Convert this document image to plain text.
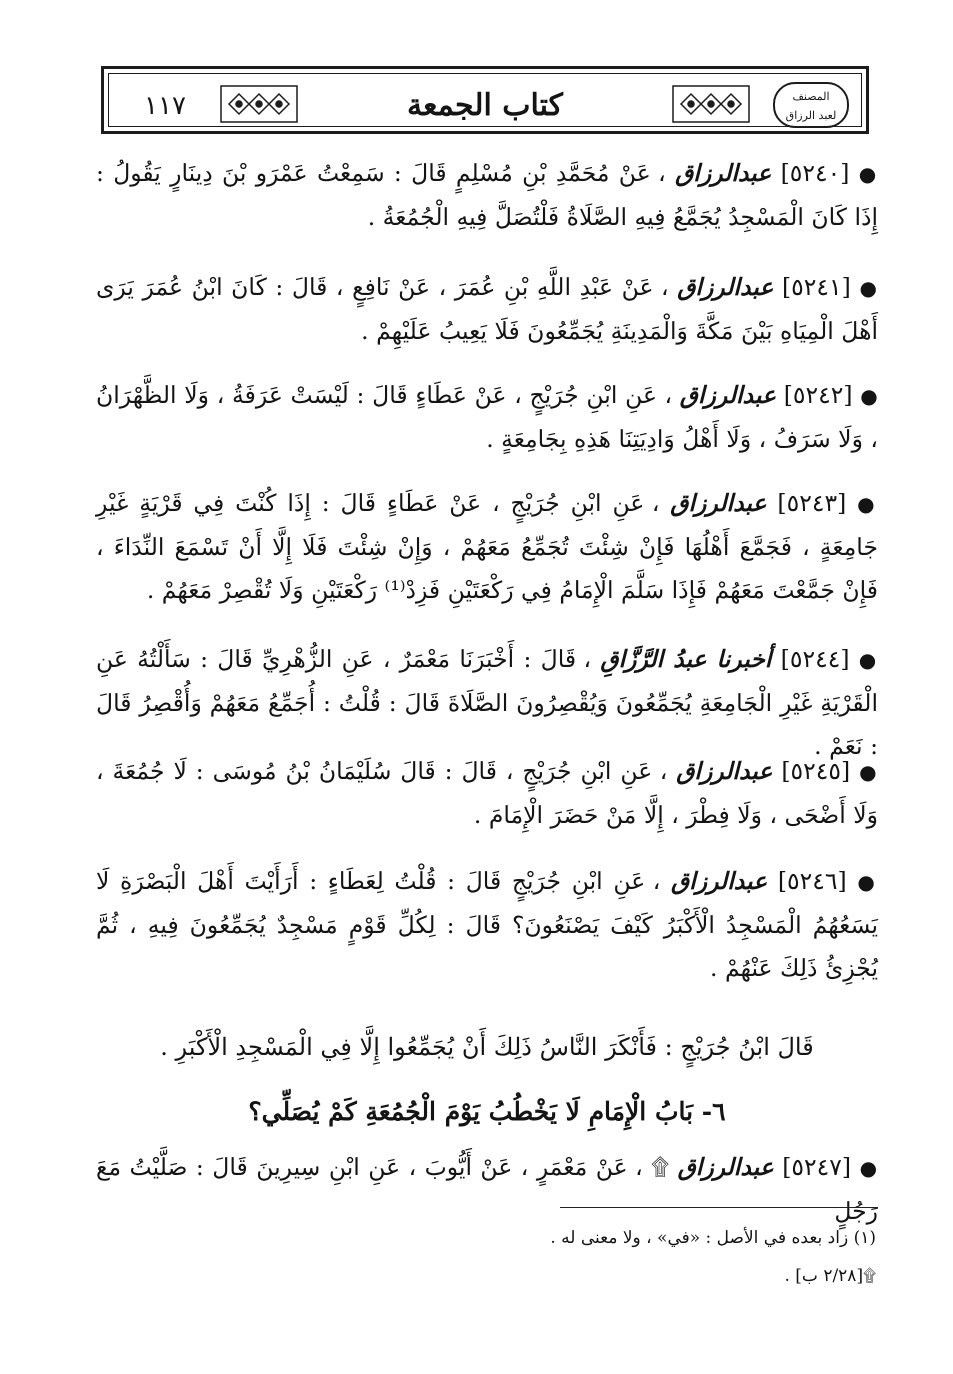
١١٧	كتاب الجمعة	المصنف
لعبد الرزاق
● [٥٢٤٠] عبدالرزاق ، عَنْ مُحَمَّدِ بْنِ مُسْلِمٍ قَالَ : سَمِعْتُ عَمْرَو بْنَ دِينَارٍ يَقُولُ : إِذَا كَانَ الْمَسْجِدُ يُجَمَّعُ فِيهِ الصَّلَاةُ فَلْتُصَلَّ فِيهِ الْجُمُعَةُ .
● [٥٢٤١] عبدالرزاق ، عَنْ عَبْدِ اللَّهِ بْنِ عُمَرَ ، عَنْ نَافِعٍ ، قَالَ : كَانَ ابْنُ عُمَرَ يَرَى أَهْلَ الْمِيَاهِ بَيْنَ مَكَّةَ وَالْمَدِينَةِ يُجَمِّعُونَ فَلَا يَعِيبُ عَلَيْهِمْ .
● [٥٢٤٢] عبدالرزاق ، عَنِ ابْنِ جُرَيْجٍ ، عَنْ عَطَاءٍ قَالَ : لَيْسَتْ عَرَفَةُ ، وَلَا الظَّهْرَانُ ، وَلَا سَرَفُ ، وَلَا أَهْلُ وَادِيَتِنَا هَذِهِ بِجَامِعَةٍ .
● [٥٢٤٣] عبدالرزاق ، عَنِ ابْنِ جُرَيْجٍ ، عَنْ عَطَاءٍ قَالَ : إِذَا كُنْتَ فِي قَرْيَةٍ غَيْرِ جَامِعَةٍ ، فَجَمَّعَ أَهْلُهَا فَإِنْ شِئْتَ تُجَمِّعُ مَعَهُمْ ، وَإِنْ شِئْتَ فَلَا إِلَّا أَنْ تَسْمَعَ النِّدَاءَ ، فَإِنْ جَمَّعْتَ مَعَهُمْ فَإِذَا سَلَّمَ الْإِمَامُ فِي رَكْعَتَيْنِ فَزِدْ⁽¹⁾ رَكْعَتَيْنِ وَلَا تُقْصِرْ مَعَهُمْ .
● [٥٢٤٤] أخبرنا عبدُ الرَّزَّاقِ ، قَالَ : أَخْبَرَنَا مَعْمَرٌ ، عَنِ الزُّهْرِيِّ قَالَ : سَأَلْتُهُ عَنِ الْقَرْيَةِ غَيْرِ الْجَامِعَةِ يُجَمِّعُونَ وَيُقْصِرُونَ الصَّلَاةَ قَالَ : قُلْتُ : أُجَمِّعُ مَعَهُمْ وَأُقْصِرُ قَالَ : نَعَمْ .
● [٥٢٤٥] عبدالرزاق ، عَنِ ابْنِ جُرَيْجٍ ، قَالَ : قَالَ سُلَيْمَانُ بْنُ مُوسَى : لَا جُمُعَةَ ، وَلَا أَضْحَى ، وَلَا فِطْرَ ، إِلَّا مَنْ حَضَرَ الْإِمَامَ .
● [٥٢٤٦] عبدالرزاق ، عَنِ ابْنِ جُرَيْجٍ قَالَ : قُلْتُ لِعَطَاءٍ : أَرَأَيْتَ أَهْلَ الْبَصْرَةِ لَا يَسَعُهُمُ الْمَسْجِدُ الْأَكْبَرُ كَيْفَ يَصْنَعُونَ؟ قَالَ : لِكُلِّ قَوْمٍ مَسْجِدٌ يُجَمِّعُونَ فِيهِ ، ثُمَّ يُجْزِئُ ذَلِكَ عَنْهُمْ .
قَالَ ابْنُ جُرَيْجٍ : فَأَنْكَرَ النَّاسُ ذَلِكَ أَنْ يُجَمِّعُوا إِلَّا فِي الْمَسْجِدِ الْأَكْبَرِ .
٦- بَابُ الْإِمَامِ لَا يَخْطُبُ يَوْمَ الْجُمُعَةِ كَمْ يُصَلِّي؟
● [٥٢٤٧] عبدالرزاق ۩ ، عَنْ مَعْمَرٍ ، عَنْ أَيُّوبَ ، عَنِ ابْنِ سِيرِينَ قَالَ : صَلَّيْتُ مَعَ رَجُلٍ
(١) زاد بعده في الأصل : «في» ، ولا معنى له .
۩[٢/٢٨ ب] .
